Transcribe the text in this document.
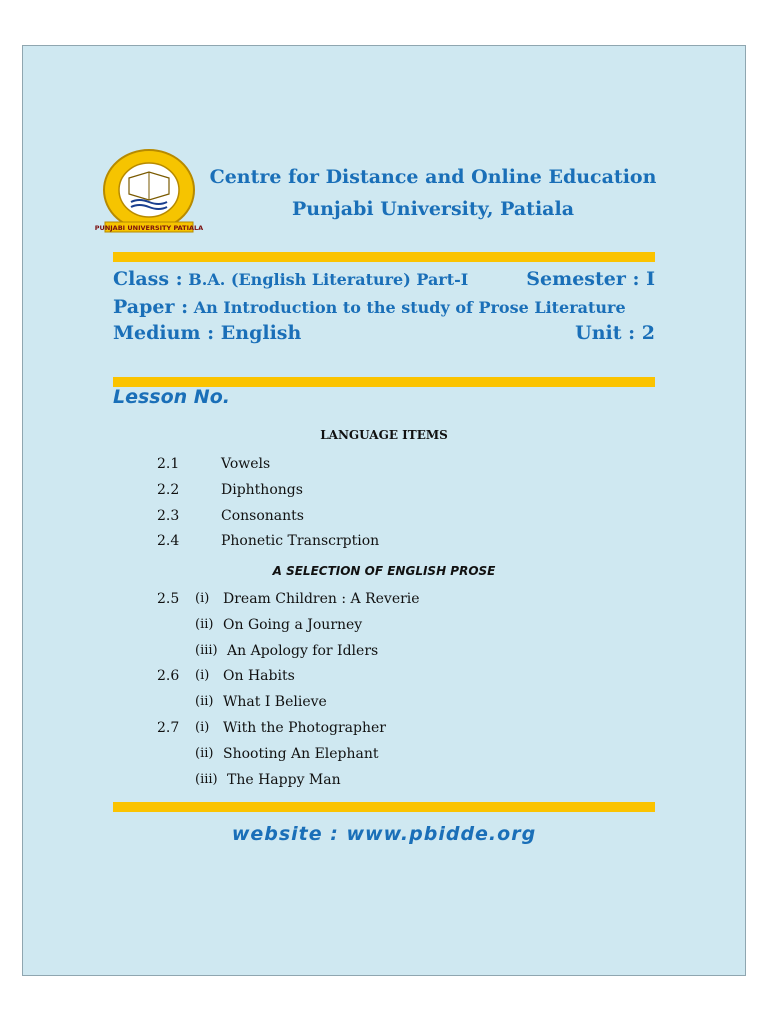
PUNJABI UNIVERSITY PATIALA
Centre for Distance and Online Education
Punjabi University, Patiala
Class : B.A. (English Literature) Part-I	Semester : I
Paper : An Introduction to the study of Prose Literature
Medium : English	Unit : 2
Lesson No.
LANGUAGE ITEMS
2.1	Vowels
2.2	Diphthongs
2.3	Consonants
2.4	Phonetic Transcrption
A SELECTION OF ENGLISH PROSE
2.5	(i) Dream Children : A Reverie
(ii) On Going a Journey
(iii) An Apology for Idlers
2.6	(i) On Habits
(ii) What I Believe
2.7	(i) With the Photographer
(ii) Shooting An Elephant
(iii) The Happy Man
website : www.pbidde.org
